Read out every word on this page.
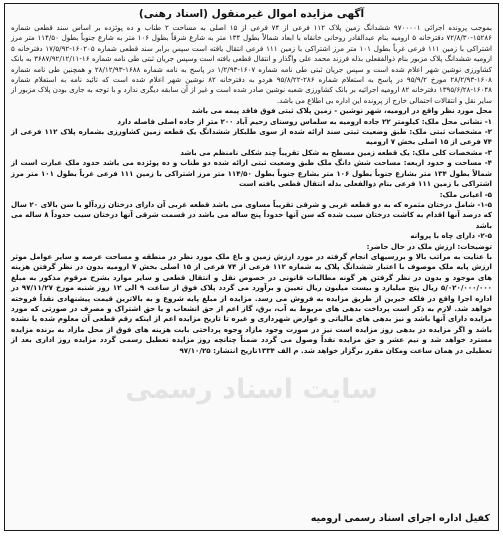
سایت اسناد رسمی
آگهی مزایده اموال غیرمنقول (اسناد رهنی)

بموجب پرونده اجرائی ۹۷۰۰۰۰۱ ششدانگ زمین پلاک ۱۱۲ فرعی از ۷۴ فرعی از ۱۵ اصلی به مساحت ۲ طناب و ده پوئزده بر اساس سند قطعی شماره ۱۵۲۸۶-۷۲/۸/۳۰ دفترخانه ۵ ارومیه بنام عبدالقادر روحانی خانقاه با ابعاد شمالاً بطول ۱۳۴ متر به شارع شرقاً بطول ۱۰۶ متر به شارع جنوباً بطول ۱۱۴/۵۰ متر مرز اشتراکی با زمین ۱۱۱ فرعی غرباً بطول ۱۰۱ متر مرز اشتراکی با زمین ۱۱۱ فرعی انتقال یافته است سپس برابر سند قطعی شماره ۱۶۰۲۰۵-۱۷/۵/۹۲ دفترخانه ۵ ارومیه ششدانگ پلاک مزبور بنام ذوالفقعلی بذله فرزند محمد علی واگذار و انتقال قطعی یافته است وسپس جریان ثبتی طی نامه شماره ۱۶-۳۶۸۷/۹۲/۱۲/۱۱ به بانک کشاورزی نوشین شهر اعلام شده است و سپس جریان ثبتی طی نامه شماره ۱۶۰۷-۱/۲/۹۳ در پاسخ به نامه شماره ۱۶۸۸-۲۸/۱۲/۹۳ و همچنین طی نامه شماره ۱۶۰۸-۲۸/۲/۹۳ مورخ ۹۵/۹/۲ در پاسخ به استعلام شماره ۲۸۶-۹۵/۸/۲۲ هردو به دفترخانه ۸۲ نوشین شهر اعلام شده است که تائید نامه به استعلام شماره ۱۶۰۴۸-۱۳۹۵/۶/۲۸ دفترخانه ۸۲ ارومیه اجرائیه بر بانک کشاورزی شعبه نوشین صادر شده است و غیر از آن سابقه دیگری ندارد و با توجه به جاری بودن پلاک مزبور از سایر نقل و انتقالات احتمالی خارج از پرونده این اداره بی اطلاع می باشد.

محل مورد نظر واقع در ارومیه، شهر نوشین - زمین پلاک ثبتی فوق فاقد پیمه می باشد

۱- نشانی محل ملک: کیلومتر ۲۲ جاده ارومیه به سلماس روستای رحیم آباد ۲۰۰ متر از جاده اصلی فاصله دارد

۲- مشخصات ثبتی ملک: طبق وضعیت ثبتی سند ارائه شده از سوی طلبکار ششدانگ یک قطعه زمین کشاورزی بشماره پلاک ۱۱۲ فرعی از ۷۴ فرعی از ۱۵ اصلی بخش ۷ ارومیه

۳- مشخصات کلی ملک: یک قطعه زمین مسطح به شکل تقریباً چند شکلی نامنظم می باشد

۴- مساحت و حدود اربعه: مساحت شش دانگ ملک طبق وضعیت ثبتی ارائه شده دو طناب و ده پوئزده می باشد حدود ملک عبارت است از شمالاً بطول ۱۳۴ متر بشارع جنوباً بطول ۱۰۶ متر بشارع جنوباً بطول ۱۱۴/۵۰ متر مرز اشتراکی با زمین ۱۱۱ فرعی غرباً بطول ۱۰۱ متر مرز اشتراکی با زمین ۱۱۱ فرعی بنام ذوالفعلی بذله انتقال قطعی یافته است

۵- اعیانی ملک:

۱-۵- شامل درختان مثمره که به دو قطعه غربی و شرقی تقریباً مساوی می باشد قطعه غربی آن دارای درختان زردآلو با سن بالای ۲۰ سال که درصد آنها اقدام به کاشت درختان سیب شده که سن آنها حدوداً پنج ساله می باشد در قسمت شرقی آنها درختان سیب حدوداً ۸ ساله می باشد

۲-۵- دارای چاه با پروانه

توضیحات: ارزش ملک در حال حاضر:

با عنایت به مراتب بالا و بررسیهای انجام گرفته در مورد ارزش زمین و باغ ملک مورد نظر در منطقه و مساحت عرصه و سایر عوامل موثر ارزش پایه ملک موصوف با اعتبار ششدانگ پلاک به شماره ۱۱۲ فرعی از ۷۴ فرعی از ۱۵ اصلی بخش ۷ ارومیه بدون در نظر گرفتن هزینه های موجود و بدون در نظر گرفتن هر گونه مطالبات قانونی در خصوص نقل و انتقال قطعی و سایر موارد بشرح مرقوم مذکور به مبلغ ۵/۰۲۰/۰۰۰/۰۰۰ ریال پنج میلیارد و بیست میلیون ریال تعیین و برآورد می گردد پلاک فوق از ساعت ۹ الی ۱۲ روز شنبه مورخ ۹۷/۱۱/۲۷ در اداره اجرا واقع در فلکه خیرین از طریق مزایده به فروش می رسد. مزایده از مبلغ پایه شروع و به بالاترین قیمت پیشنهادی نقداً فروخته خواهد شد. لازم به ذکر است پرداخت بدهی های مربوط به آب، برق، گاز اعم از حق انشعاب و یا حق اشتراک و مصرف در صورتی که مورد مزایده دارای آنها باشد و نیز بدهی های مالیاتی و عوارض شهرداری و غیره تا تاریخ مزایده اعم از اینکه رقم قطعی آن معلوم شده یا نشده باشد و اگر مزایده در بدهی روز مزایده است نیز در صورت وجود مازاد وجوه پرداختی بابت هزینه های فوق از محل مازاد به برنده مزایده مسترد خواهد شد و نیم عشر و حق مزایده نقداً وصول می گردد ضمناً چنانچه روز مزایده تعطیل رسمی گردد مزایده روز اداری بعد از تعطیلی در همان ساعت ومکان مقرر برگزار خواهد شد. م الف ۱۳۳۴تاریخ انتشار: ۹۷/۱۰/۲۵

کفیل اداره اجرای اسناد رسمی ارومیه
